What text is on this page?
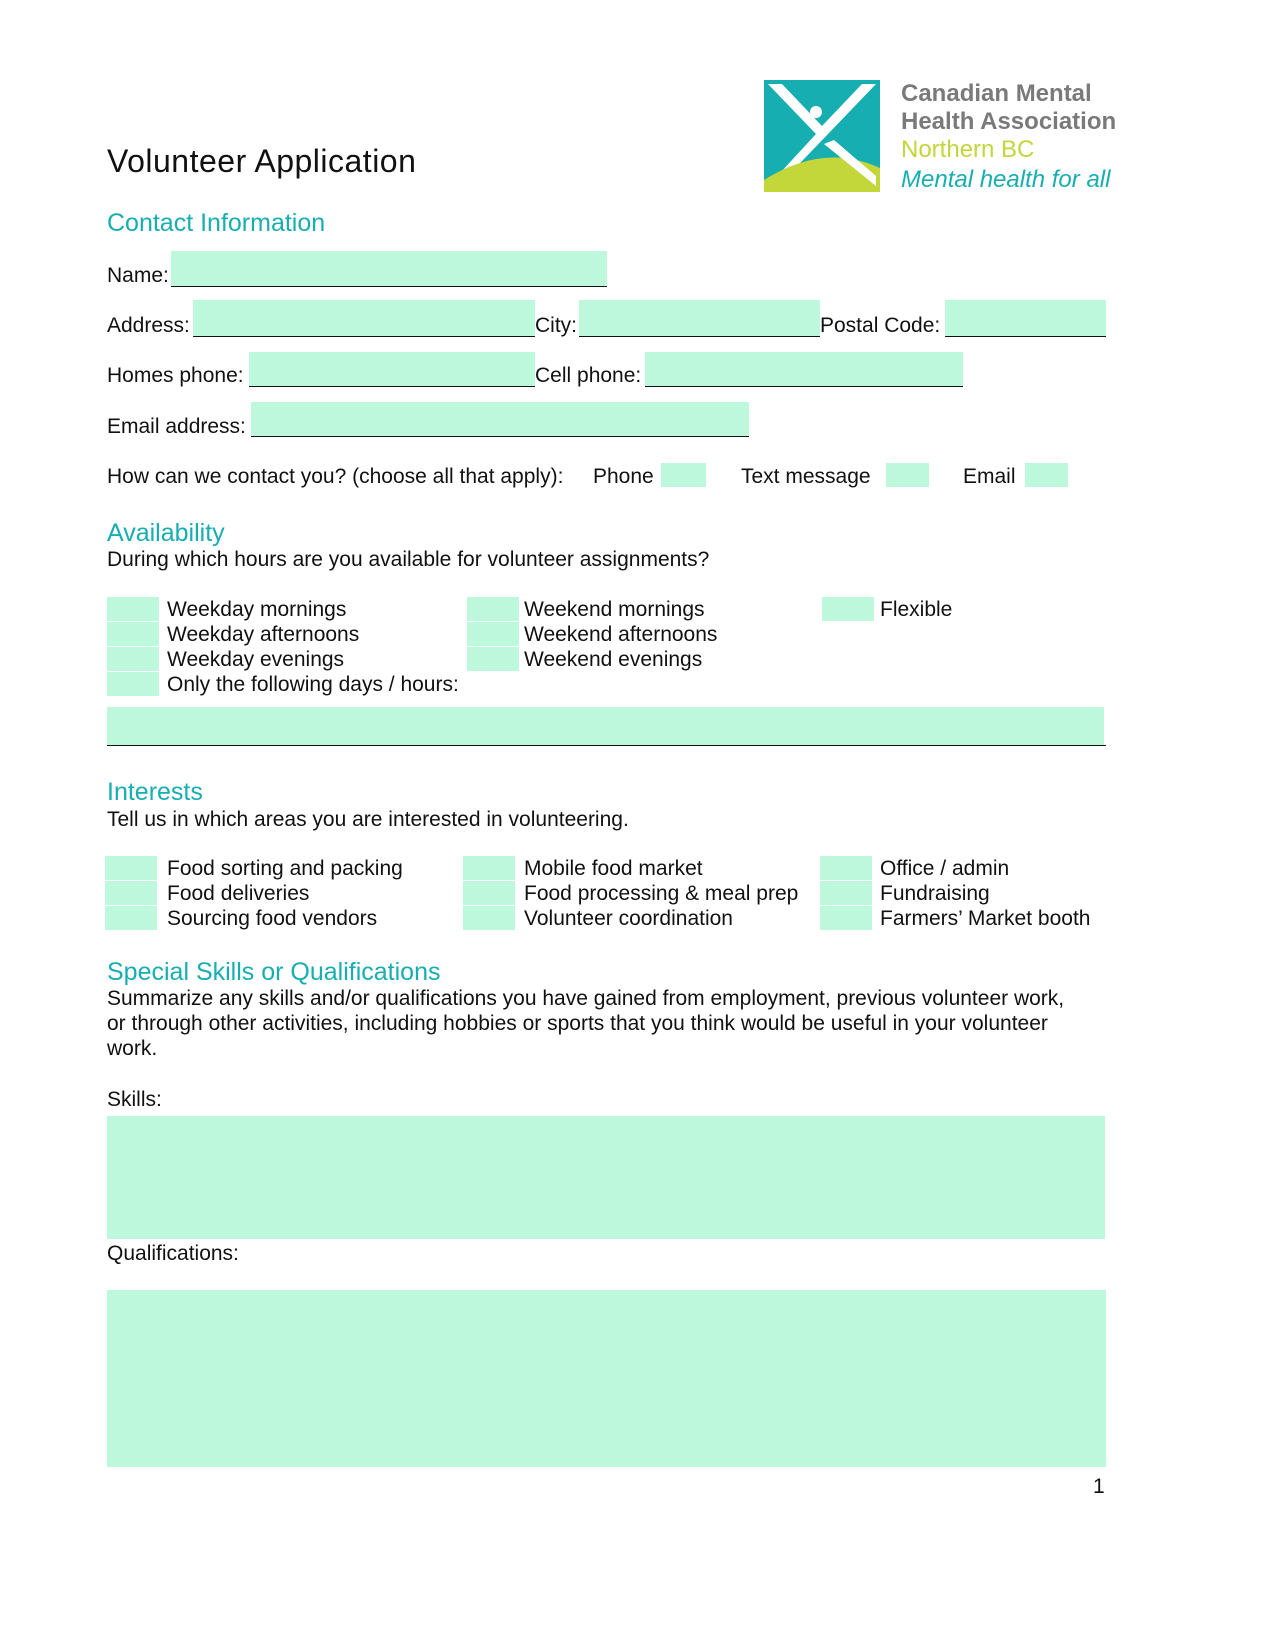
Canadian Mental
Health Association
Northern BC
Mental health for all
Volunteer Application
Contact Information
Name:
Address:	City:	Postal Code:
Homes phone:	Cell phone:
Email address:
How can we contact you? (choose all that apply): Phone	Text message	Email
Availability
During which hours are you available for volunteer assignments?
Weekday mornings
Weekday afternoons
Weekday evenings
Only the following days / hours:
Weekend mornings
Weekend afternoons
Weekend evenings
Flexible
Interests
Tell us in which areas you are interested in volunteering.
Food sorting and packing
Food deliveries
Sourcing food vendors
Mobile food market
Food processing & meal prep
Volunteer coordination
Office / admin
Fundraising
Farmers’ Market booth
Special Skills or Qualifications
Summarize any skills and/or qualifications you have gained from employment, previous volunteer work,
or through other activities, including hobbies or sports that you think would be useful in your volunteer
work.
Skills:
Qualifications:
1
